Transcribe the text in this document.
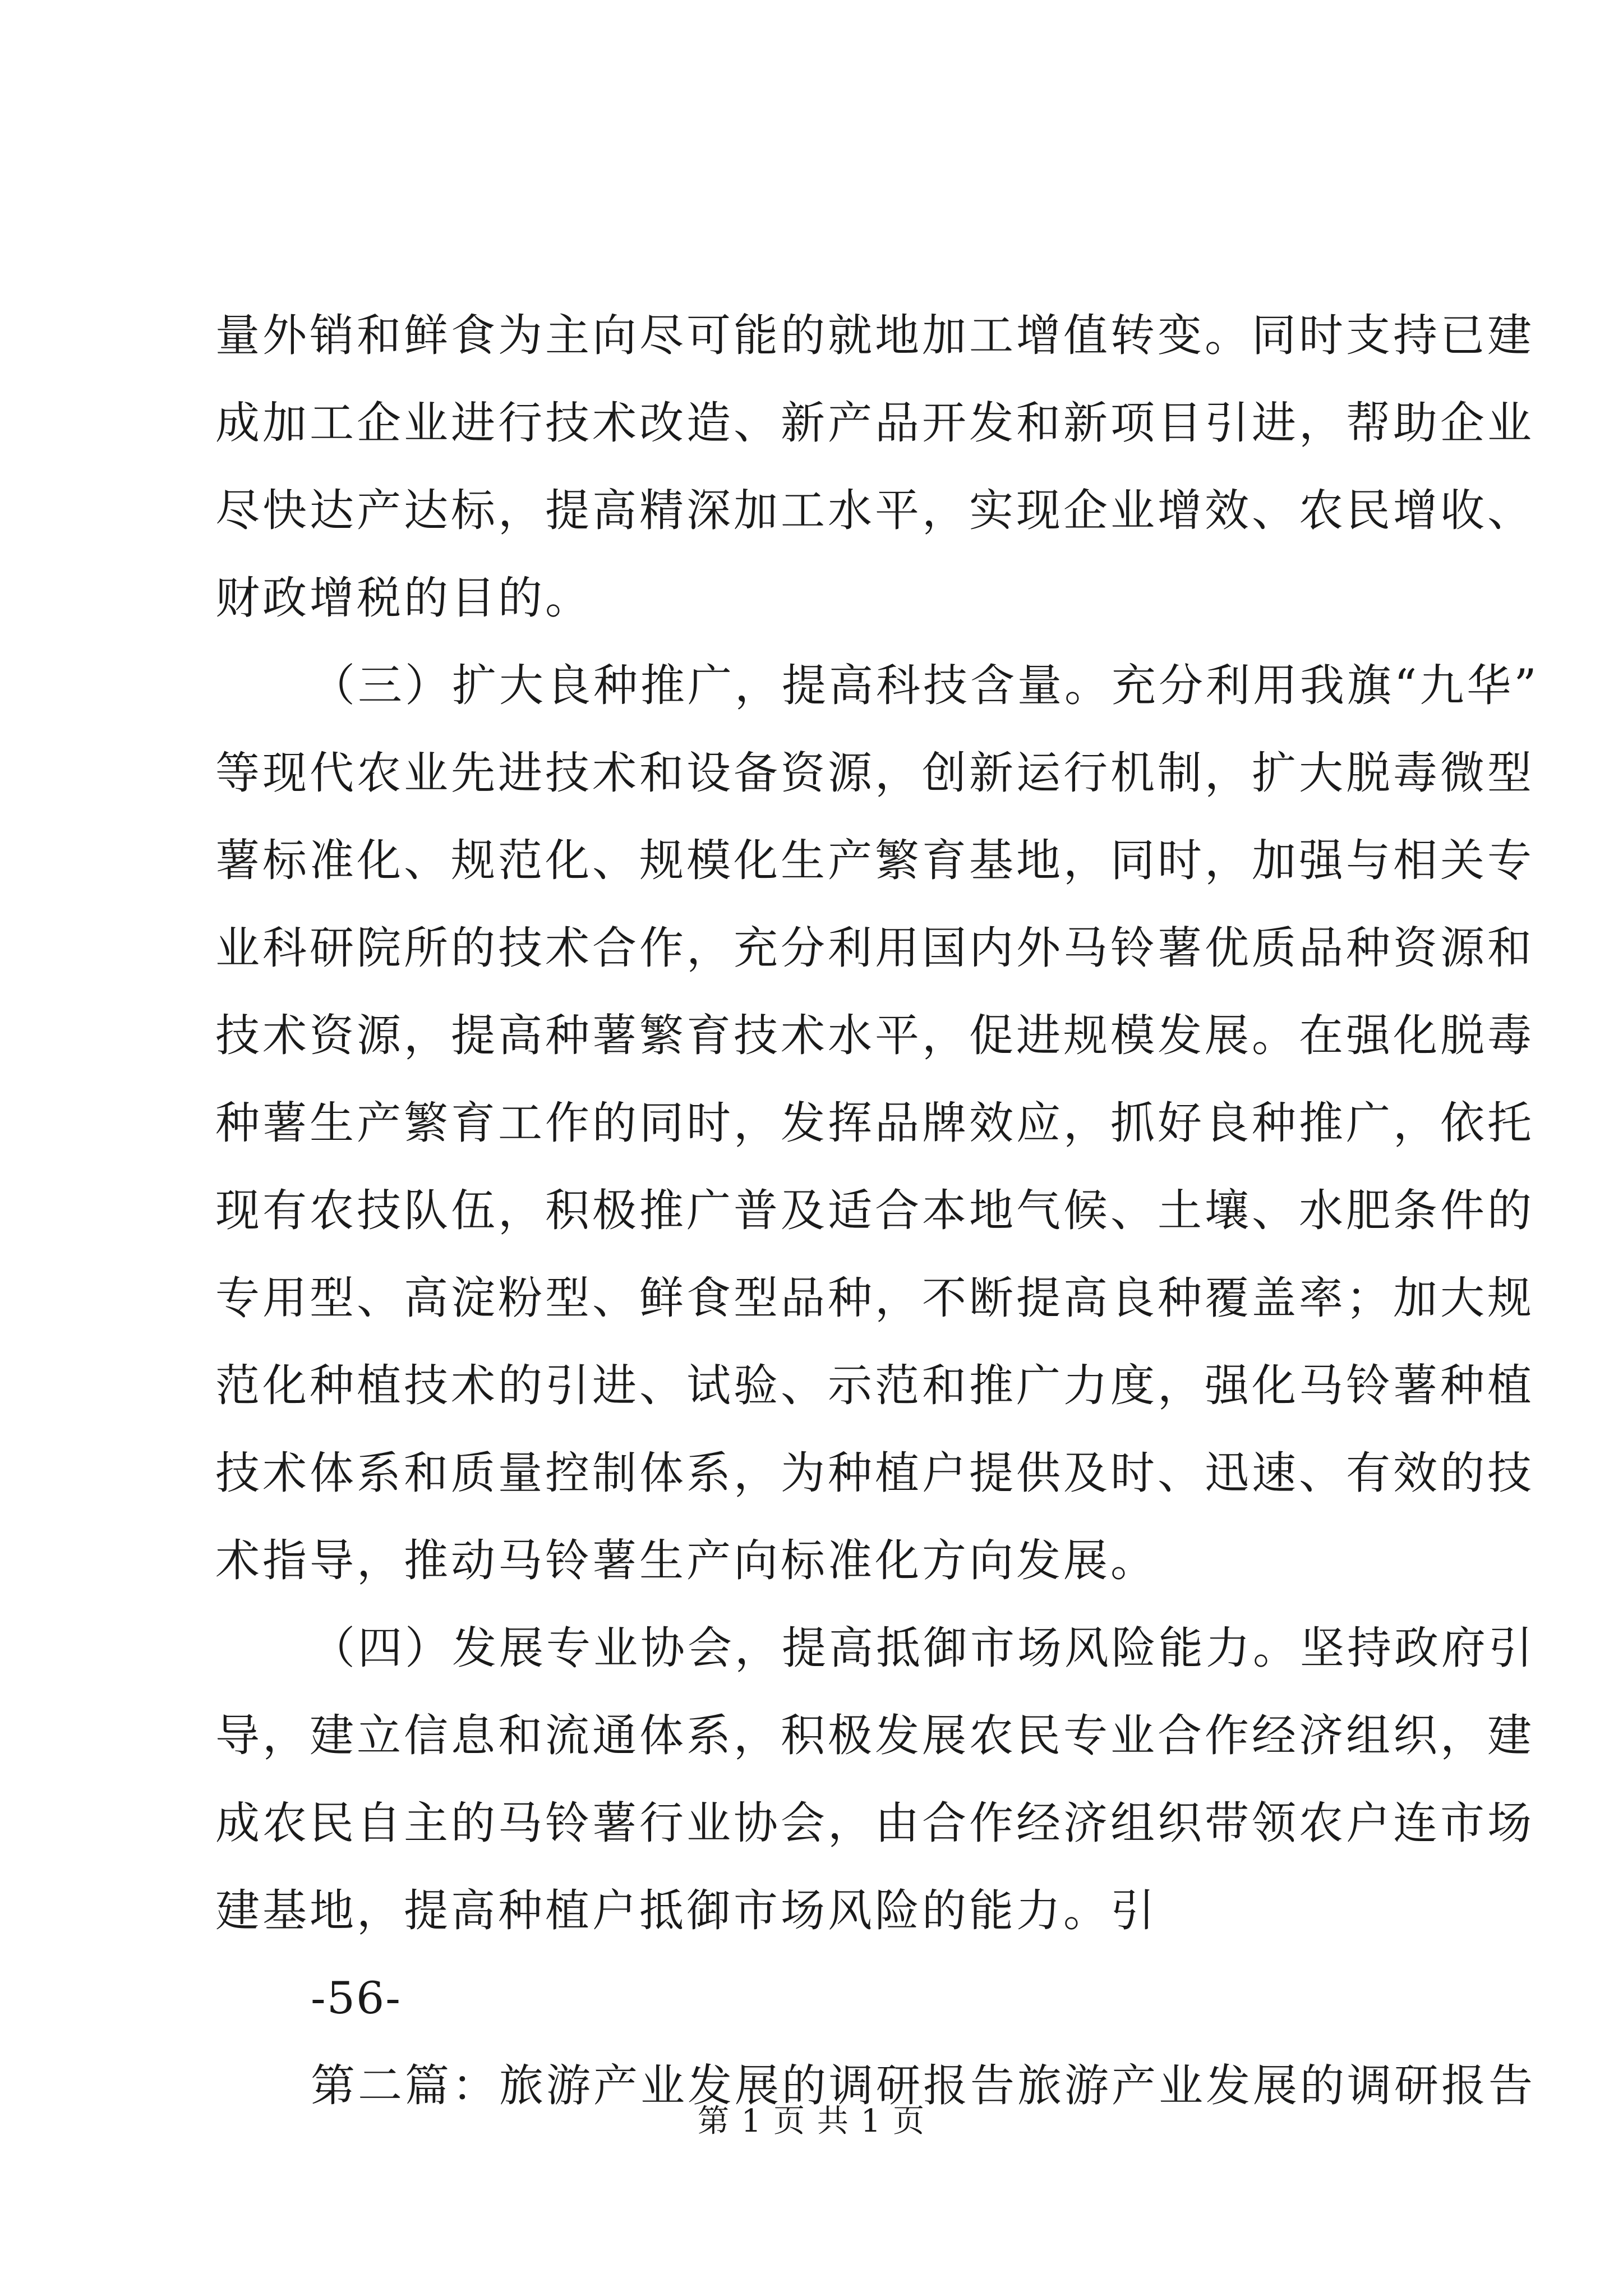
量外销和鲜食为主向尽可能的就地加工增值转变。同时支持已建
成加工企业进行技术改造、新产品开发和新项目引进，帮助企业
尽快达产达标，提高精深加工水平，实现企业增效、农民增收、
财政增税的目的。
（三）扩大良种推广，提高科技含量。充分利用我旗“九华”
等现代农业先进技术和设备资源，创新运行机制，扩大脱毒微型
薯标准化、规范化、规模化生产繁育基地，同时，加强与相关专
业科研院所的技术合作，充分利用国内外马铃薯优质品种资源和
技术资源，提高种薯繁育技术水平，促进规模发展。在强化脱毒
种薯生产繁育工作的同时，发挥品牌效应，抓好良种推广，依托
现有农技队伍，积极推广普及适合本地气候、土壤、水肥条件的
专用型、高淀粉型、鲜食型品种，不断提高良种覆盖率；加大规
范化种植技术的引进、试验、示范和推广力度，强化马铃薯种植
技术体系和质量控制体系，为种植户提供及时、迅速、有效的技
术指导，推动马铃薯生产向标准化方向发展。
（四）发展专业协会，提高抵御市场风险能力。坚持政府引
导，建立信息和流通体系，积极发展农民专业合作经济组织，建
成农民自主的马铃薯行业协会，由合作经济组织带领农户连市场
建基地，提高种植户抵御市场风险的能力。引
-56-
第二篇：旅游产业发展的调研报告旅游产业发展的调研报告
第 1 页 共 1 页
